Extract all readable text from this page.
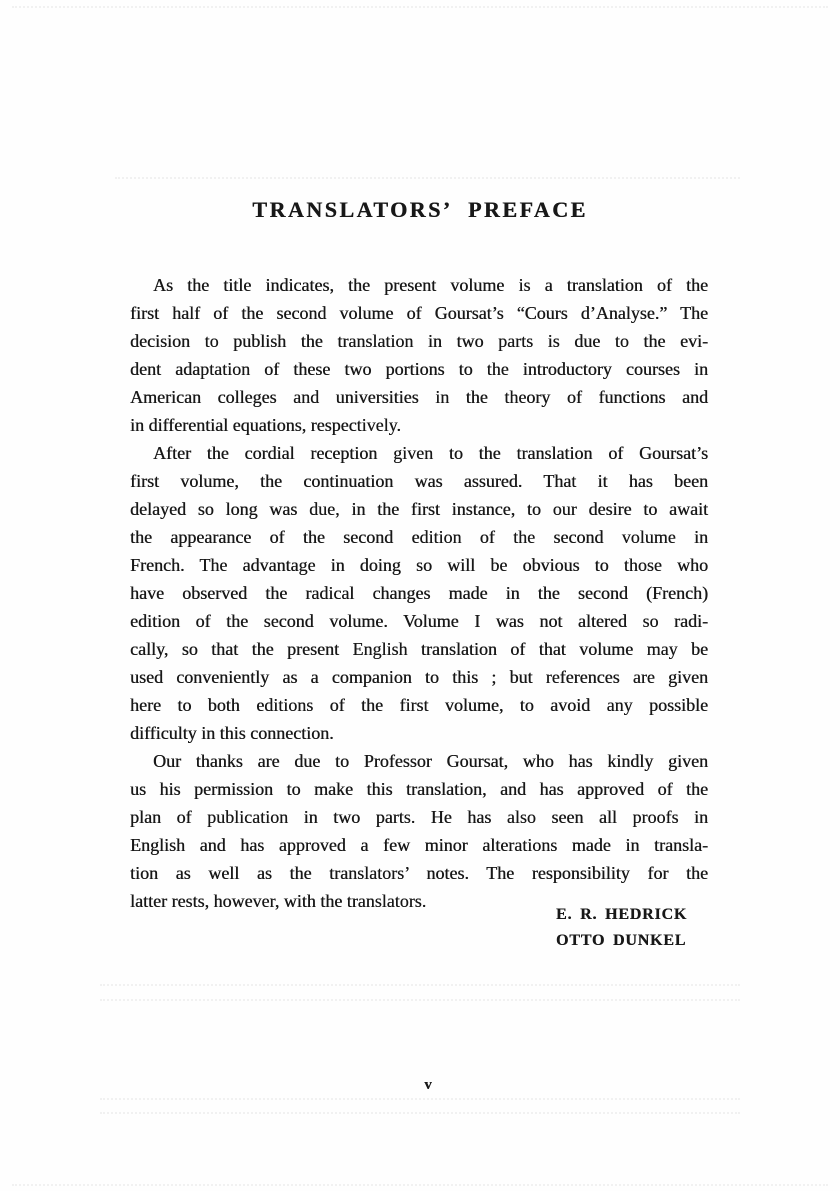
TRANSLATORS’ PREFACE
As the title indicates, the present volume is a translation of the
first half of the second volume of Goursat’s “Cours d’Analyse.” The
decision to publish the translation in two parts is due to the evi-
dent adaptation of these two portions to the introductory courses in
American colleges and universities in the theory of functions and
in differential equations, respectively.
After the cordial reception given to the translation of Goursat’s
first volume, the continuation was assured. That it has been
delayed so long was due, in the first instance, to our desire to await
the appearance of the second edition of the second volume in
French. The advantage in doing so will be obvious to those who
have observed the radical changes made in the second (French)
edition of the second volume. Volume I was not altered so radi-
cally, so that the present English translation of that volume may be
used conveniently as a companion to this ; but references are given
here to both editions of the first volume, to avoid any possible
difficulty in this connection.
Our thanks are due to Professor Goursat, who has kindly given
us his permission to make this translation, and has approved of the
plan of publication in two parts. He has also seen all proofs in
English and has approved a few minor alterations made in transla-
tion as well as the translators’ notes. The responsibility for the
latter rests, however, with the translators.
E. R. HEDRICK
OTTO DUNKEL
v
